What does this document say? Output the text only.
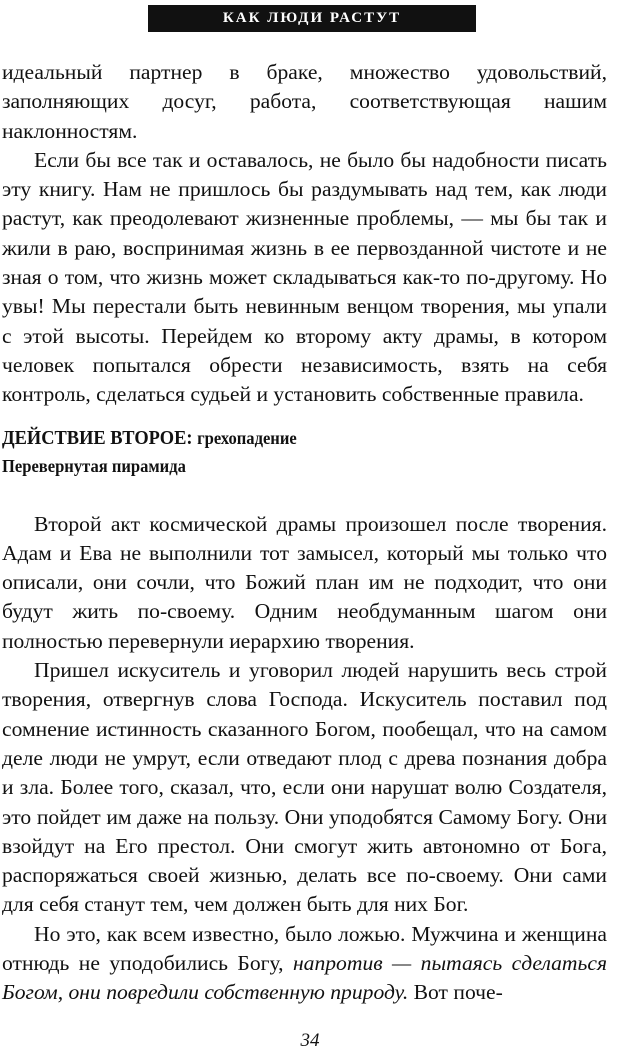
КАК ЛЮДИ РАСТУТ

идеальный партнер в браке, множество удовольствий, заполняющих досуг, работа, соответствующая нашим наклонностям.

Если бы все так и оставалось, не было бы надобности писать эту книгу. Нам не пришлось бы раздумывать над тем, как люди растут, как преодолевают жизненные проблемы, — мы бы так и жили в раю, воспринимая жизнь в ее первозданной чистоте и не зная о том, что жизнь может складываться как-то по-другому. Но увы! Мы перестали быть невинным венцом творения, мы упали с этой высоты. Перейдем ко второму акту драмы, в котором человек попытался обрести независимость, взять на себя контроль, сделаться судьей и установить собственные правила.

ДЕЙСТВИЕ ВТОРОЕ: грехопадение

Перевернутая пирамида

Второй акт космической драмы произошел после творения. Адам и Ева не выполнили тот замысел, который мы только что описали, они сочли, что Божий план им не подходит, что они будут жить по-своему. Одним необдуманным шагом они полностью перевернули иерархию творения.

Пришел искуситель и уговорил людей нарушить весь строй творения, отвергнув слова Господа. Искуситель поставил под сомнение истинность сказанного Богом, пообещал, что на самом деле люди не умрут, если отведают плод с древа познания добра и зла. Более того, сказал, что, если они нарушат волю Создателя, это пойдет им даже на пользу. Они уподобятся Самому Богу. Они взойдут на Его престол. Они смогут жить автономно от Бога, распоряжаться своей жизнью, делать все по-своему. Они сами для себя станут тем, чем должен быть для них Бог.

Но это, как всем известно, было ложью. Мужчина и женщина отнюдь не уподобились Богу, напротив — пытаясь сделаться Богом, они повредили собственную природу. Вот поче-

34
